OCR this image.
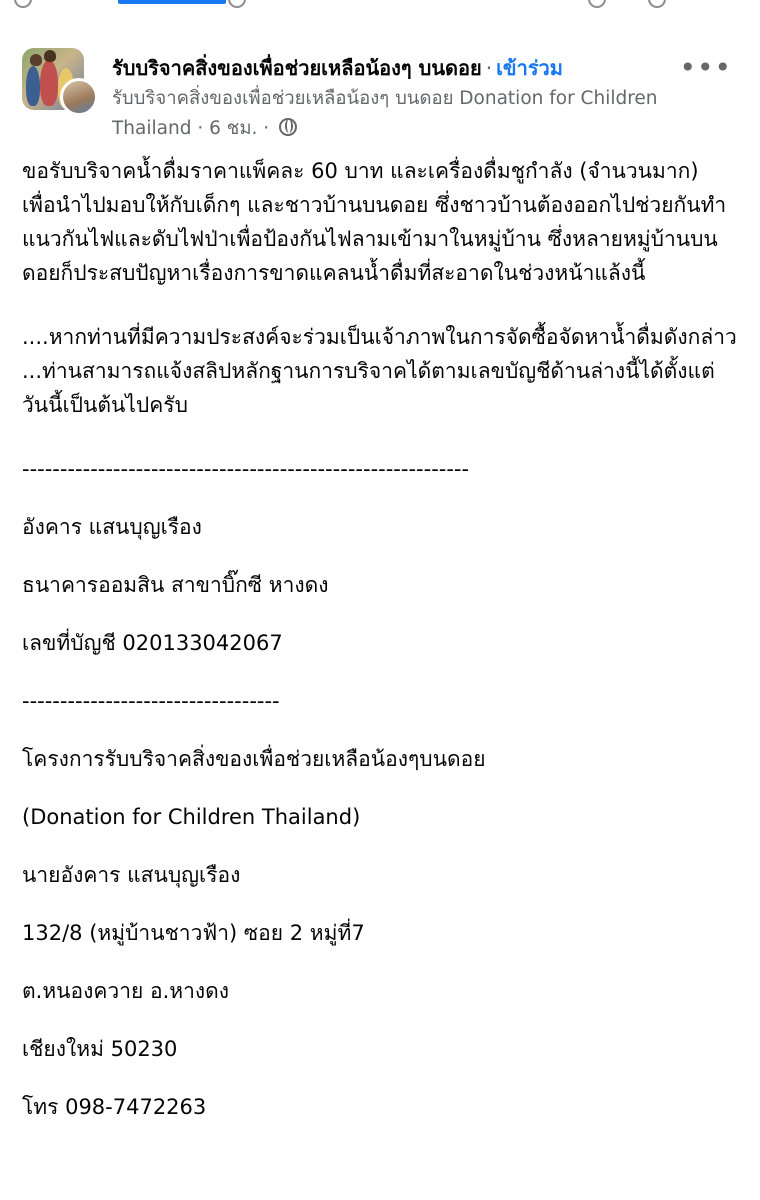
รับบริจาคสิ่งของเพื่อช่วยเหลือน้องๆ บนดอย · เข้าร่วม
รับบริจาคสิ่งของเพื่อช่วยเหลือน้องๆ บนดอย Donation for Children Thailand · 6 ชม. ·
•••

ขอรับบริจาคน้ำดื่มราคาแพ็คละ 60 บาท และเครื่องดื่มชูกำลัง (จำนวนมาก)  เพื่อนำไปมอบให้กับเด็กๆ และชาวบ้านบนดอย ซึ่งชาวบ้านต้องออกไปช่วยกันทำแนวกันไฟและดับไฟป่าเพื่อป้องกันไฟลามเข้ามาในหมู่บ้าน ซึ่งหลายหมู่บ้านบนดอยก็ประสบปัญหาเรื่องการขาดแคลนน้ำดื่มที่สะอาดในช่วงหน้าแล้งนี้

....หากท่านที่มีความประสงค์จะร่วมเป็นเจ้าภาพในการจัดซื้อจัดหาน้ำดื่มดังกล่าว ...ท่านสามารถแจ้งสลิปหลักฐานการบริจาคได้ตามเลขบัญชีด้านล่างนี้ได้ตั้งแต่วันนี้เป็นต้นไปครับ

-----------------------------------------------------------

อังคาร แสนบุญเรือง

ธนาคารออมสิน สาขาบิ๊กซี หางดง

เลขที่บัญชี 020133042067

----------------------------------

โครงการรับบริจาคสิ่งของเพื่อช่วยเหลือน้องๆบนดอย

(Donation for Children Thailand)

นายอังคาร แสนบุญเรือง

132/8 (หมู่บ้านชาวฟ้า) ซอย 2 หมู่ที่7

ต.หนองควาย อ.หางดง

เชียงใหม่ 50230

โทร 098-7472263
